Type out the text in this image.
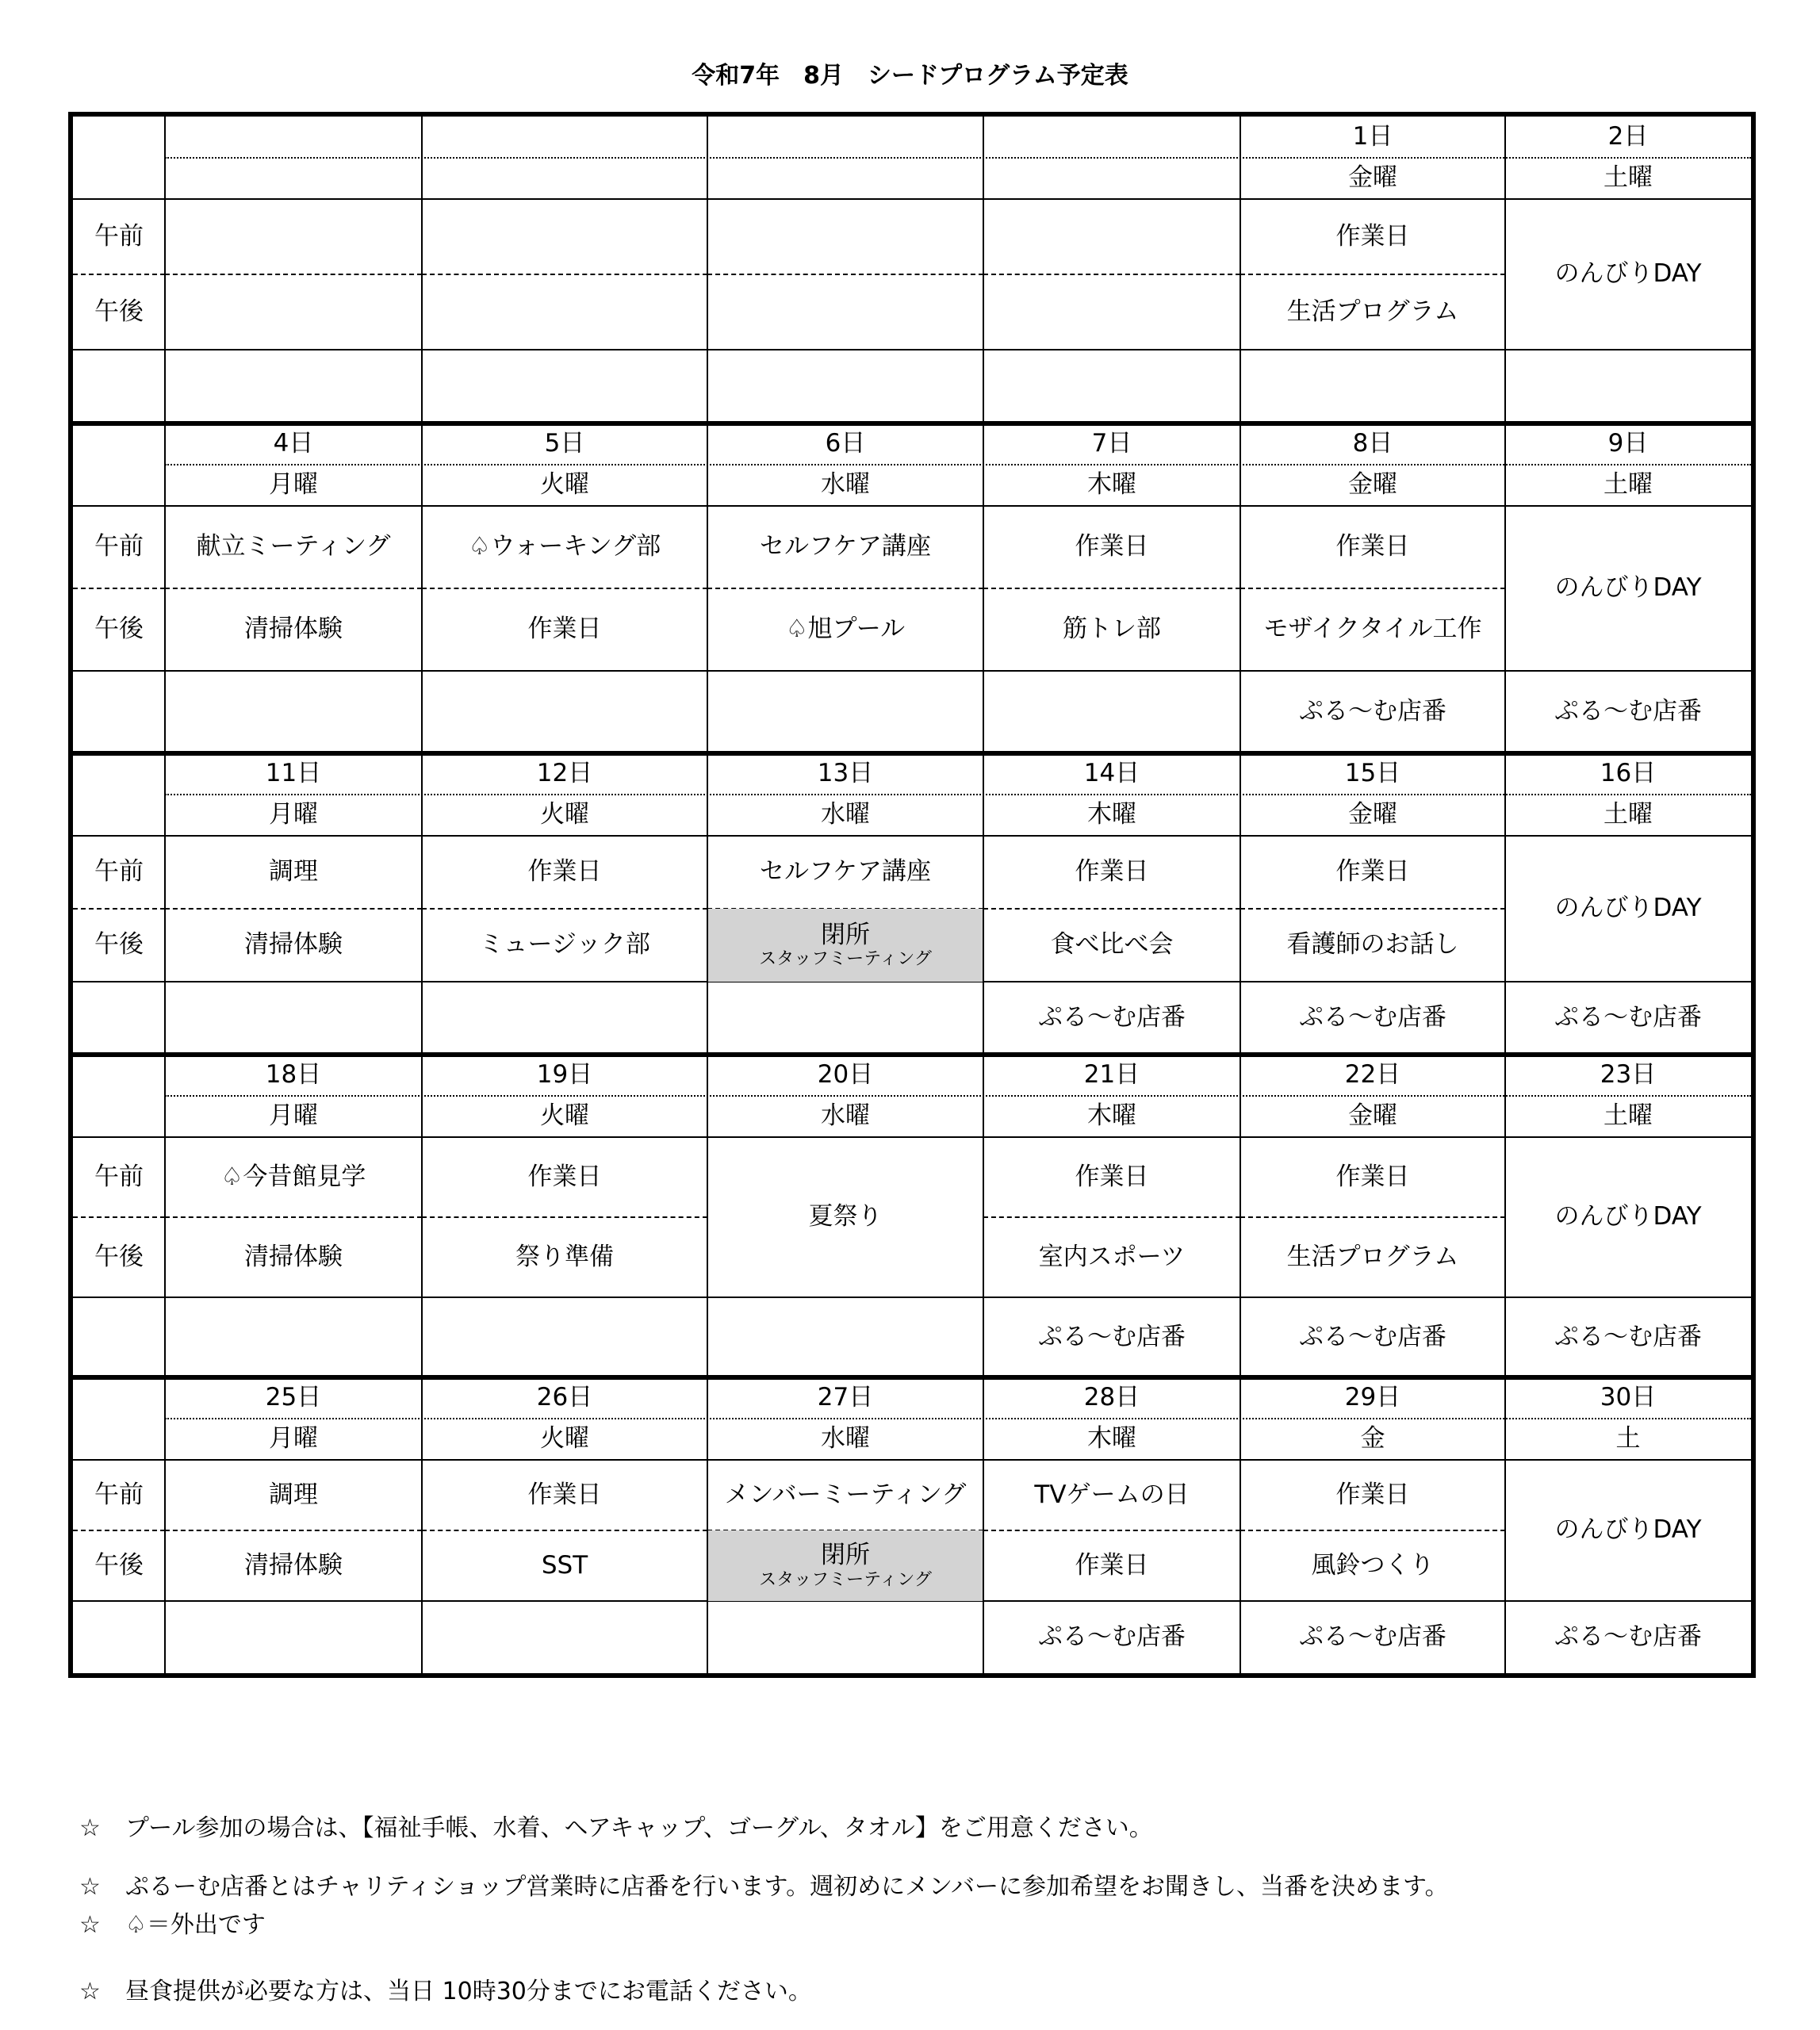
令和7年　8月　シードプログラム予定表
午前
午後
1日
金曜
作業日
生活プログラム
2日
土曜
のんびりDAY
午前
午後
4日
月曜
献立ミーティング
清掃体験
5日
火曜
♤ウォーキング部
作業日
6日
水曜
セルフケア講座
♤旭プール
7日
木曜
作業日
筋トレ部
8日
金曜
作業日
モザイクタイル工作
ぷる～む店番
9日
土曜
のんびりDAY
ぷる～む店番
午前
午後
11日
月曜
調理
清掃体験
12日
火曜
作業日
ミュージック部
13日
水曜
セルフケア講座
閉所
スタッフミーティング
14日
木曜
作業日
食べ比べ会
ぷる～む店番
15日
金曜
作業日
看護師のお話し
ぷる～む店番
16日
土曜
のんびりDAY
ぷる～む店番
午前
午後
18日
月曜
♤今昔館見学
清掃体験
19日
火曜
作業日
祭り準備
20日
水曜
夏祭り
21日
木曜
作業日
室内スポーツ
ぷる～む店番
22日
金曜
作業日
生活プログラム
ぷる～む店番
23日
土曜
のんびりDAY
ぷる～む店番
午前
午後
25日
月曜
調理
清掃体験
26日
火曜
作業日
SST
27日
水曜
メンバーミーティング
閉所
スタッフミーティング
28日
木曜
TVゲームの日
作業日
ぷる～む店番
29日
金
作業日
風鈴つくり
ぷる～む店番
30日
土
のんびりDAY
ぷる～む店番
☆ プール参加の場合は、【福祉手帳、水着、ヘアキャップ、ゴーグル、タオル】をご用意ください。
☆ ぷるーむ店番とはチャリティショップ営業時に店番を行います。週初めにメンバーに参加希望をお聞きし、当番を決めます。
☆ ♤＝外出です
☆ 昼食提供が必要な方は、当日 10時30分までにお電話ください。
